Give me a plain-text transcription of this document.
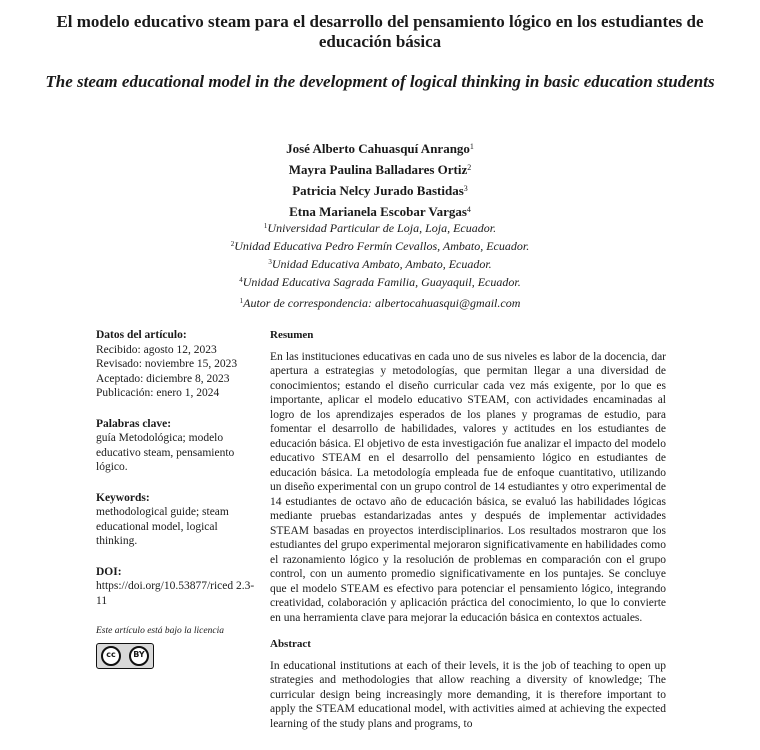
El modelo educativo steam para el desarrollo del pensamiento lógico en los estudiantes de educación básica
The steam educational model in the development of logical thinking in basic education students
José Alberto Cahuasquí Anrango$^1$
Mayra Paulina Balladares Ortiz$^2$
Patricia Nelcy Jurado Bastidas$^3$
Etna Marianela Escobar Vargas$^4$
$^1$Universidad Particular de Loja, Loja, Ecuador.
$^2$Unidad Educativa Pedro Fermín Cevallos, Ambato, Ecuador.
$^3$Unidad Educativa Ambato, Ambato, Ecuador.
$^4$Unidad Educativa Sagrada Familia, Guayaquil, Ecuador.
$^1$Autor de correspondencia: albertocahuasqui@gmail.com
Datos del artículo:
Recibido: agosto 12, 2023
Revisado: noviembre 15, 2023
Aceptado: diciembre 8, 2023
Publicación: enero 1, 2024
Palabras clave:
guía Metodológica; modelo educativo steam, pensamiento lógico.
Keywords:
methodological guide; steam educational model, logical thinking.
DOI:
https://doi.org/10.53877/riced 2.3-11
Este artículo está bajo la licencia
cc	BY
Resumen

En las instituciones educativas en cada uno de sus niveles es labor de la docencia, dar apertura a estrategias y metodologías, que permitan llegar a una diversidad de conocimientos; estando el diseño curricular cada vez más exigente, por lo que es importante, aplicar el modelo educativo STEAM, con actividades encaminadas al logro de los aprendizajes esperados de los planes y programas de estudio, para fomentar el desarrollo de habilidades, valores y actitudes en los estudiantes de educación básica. El objetivo de esta investigación fue analizar el impacto del modelo educativo STEAM en el desarrollo del pensamiento lógico en estudiantes de educación básica. La metodología empleada fue de enfoque cuantitativo, utilizando un diseño experimental con un grupo control de 14 estudiantes y otro experimental de 14 estudiantes de octavo año de educación básica, se evaluó las habilidades lógicas mediante pruebas estandarizadas antes y después de implementar actividades STEAM basadas en proyectos interdisciplinarios. Los resultados mostraron que los estudiantes del grupo experimental mejoraron significativamente en habilidades como el razonamiento lógico y la resolución de problemas en comparación con el grupo control, con un aumento promedio significativamente en los puntajes. Se concluye que el modelo STEAM es efectivo para potenciar el pensamiento lógico, integrando creatividad, colaboración y aplicación práctica del conocimiento, lo que lo convierte en una herramienta clave para mejorar la educación básica en contextos actuales.

Abstract

In educational institutions at each of their levels, it is the job of teaching to open up strategies and methodologies that allow reaching a diversity of knowledge; The curricular design being increasingly more demanding, it is therefore important to apply the STEAM educational model, with activities aimed at achieving the expected learning of the study plans and programs, to
